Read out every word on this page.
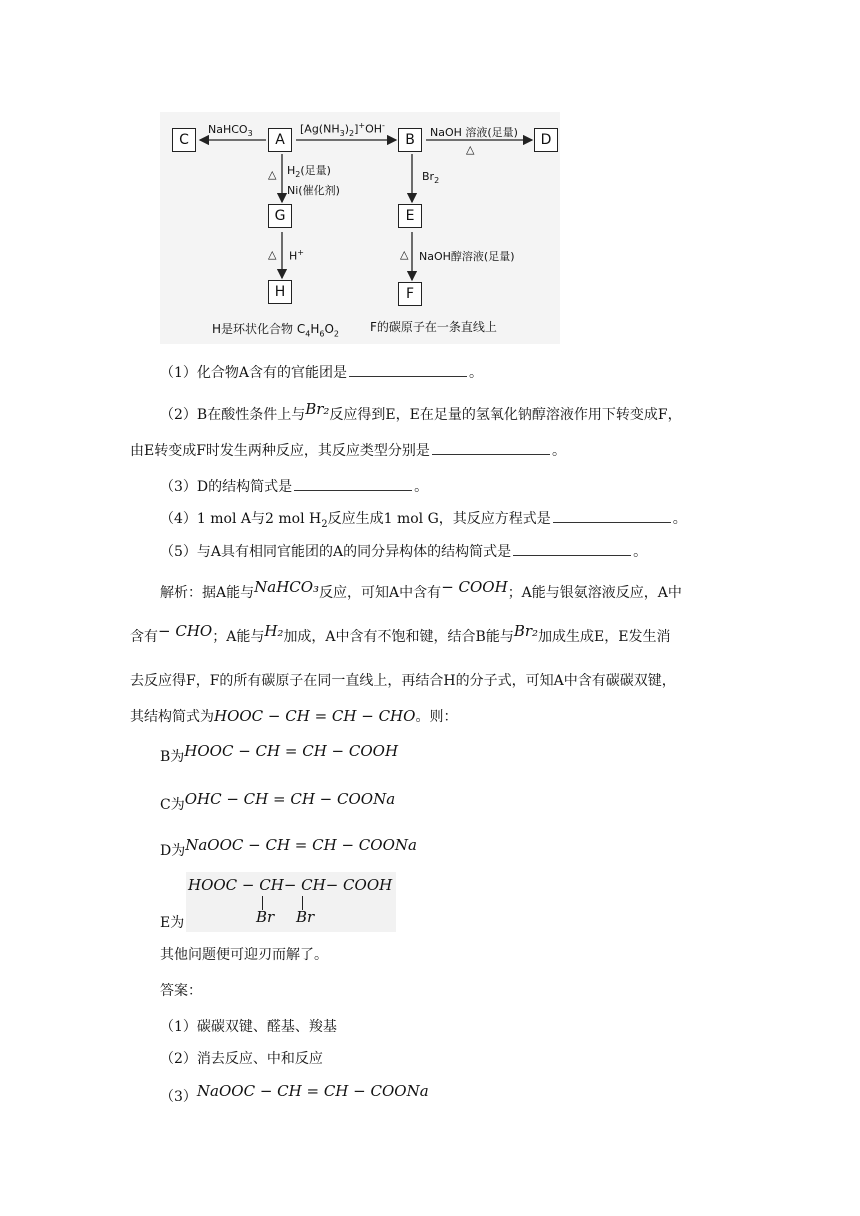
C	A	B	D
G	E
H	F
NaHCO$_3$	$[Ag(NH_3)_2]^+OH^-$
NaOH 溶液(足量)
△
△ $H_2$(足量)
Ni(催化剂)
$Br_2$
△ H+	△ NaOH醇溶液(足量)
H是环状化合物 $C_4H_6O_2$	F的碳原子在一条直线上
（1）化合物A含有的官能团是	。
（2）B在酸性条件上与Br₂反应得到E，E在足量的氢氧化钠醇溶液作用下转变成F，
由E转变成F时发生两种反应，其反应类型分别是	。
（3）D的结构简式是	。
（4）1 mol A与2 mol $H_2$反应生成1 mol G，其反应方程式是	。
（5）与A具有相同官能团的A的同分异构体的结构简式是	。
解析：据A能与NaHCO₃反应，可知A中含有− COOH；A能与银氨溶液反应，A中
含有− CHO；A能与H₂加成，A中含有不饱和键，结合B能与Br₂加成生成E，E发生消
去反应得F，F的所有碳原子在同一直线上，再结合H的分子式，可知A中含有碳碳双键，
其结构简式为HOOC − CH = CH − CHO。则：
B为HOOC − CH = CH − COOH
C为OHC − CH = CH − COONa
D为NaOOC − CH = CH − COONa
E为
HOOC − CH− CH− COOH
Br Br
其他问题便可迎刃而解了。
答案：
（1）碳碳双键、醛基、羧基
（2）消去反应、中和反应
（3）NaOOC − CH = CH − COONa
